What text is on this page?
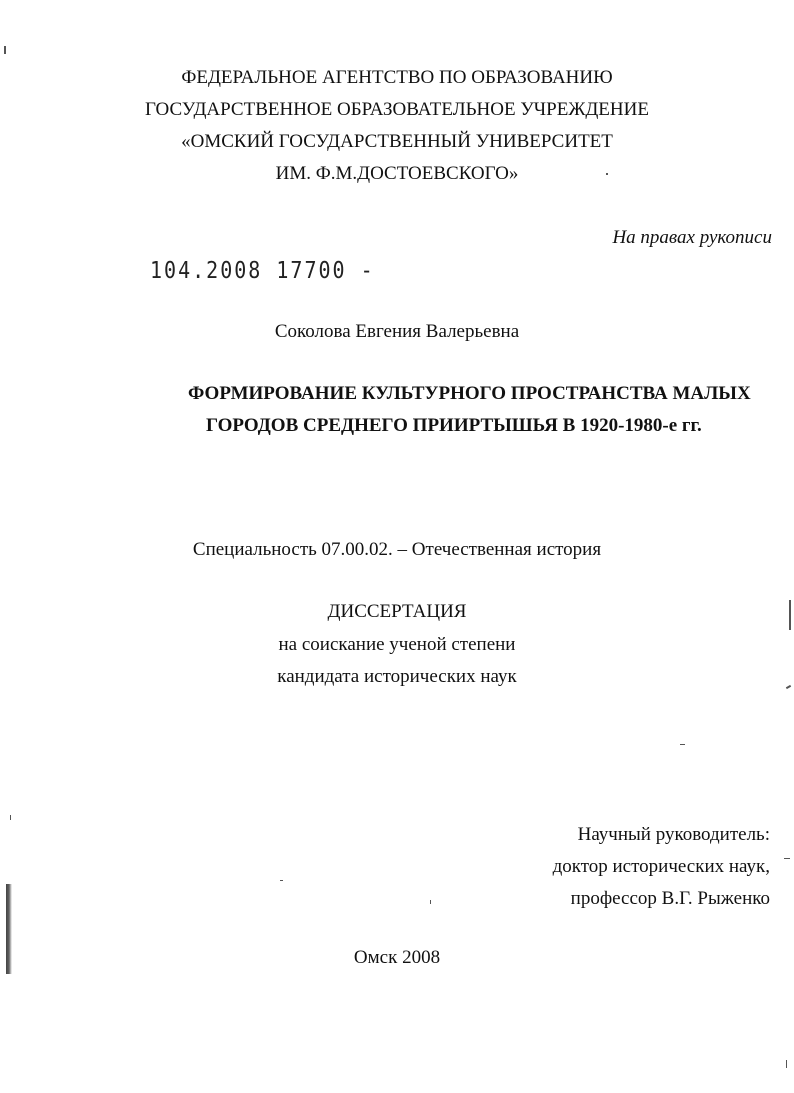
ФЕДЕРАЛЬНОЕ АГЕНТСТВО ПО ОБРАЗОВАНИЮ
ГОСУДАРСТВЕННОЕ ОБРАЗОВАТЕЛЬНОЕ УЧРЕЖДЕНИЕ
«ОМСКИЙ ГОСУДАРСТВЕННЫЙ УНИВЕРСИТЕТ
ИМ. Ф.М.ДОСТОЕВСКОГО»
На правах рукописи
104.2008 17700 -
Соколова Евгения Валерьевна
ФОРМИРОВАНИЕ КУЛЬТУРНОГО ПРОСТРАНСТВА МАЛЫХ
ГОРОДОВ СРЕДНЕГО ПРИИРТЫШЬЯ В 1920-1980-е гг.
Специальность 07.00.02. – Отечественная история
ДИССЕРТАЦИЯ
на соискание ученой степени
кандидата исторических наук
Научный руководитель:
доктор исторических наук,
профессор В.Г. Рыженко
Омск 2008
